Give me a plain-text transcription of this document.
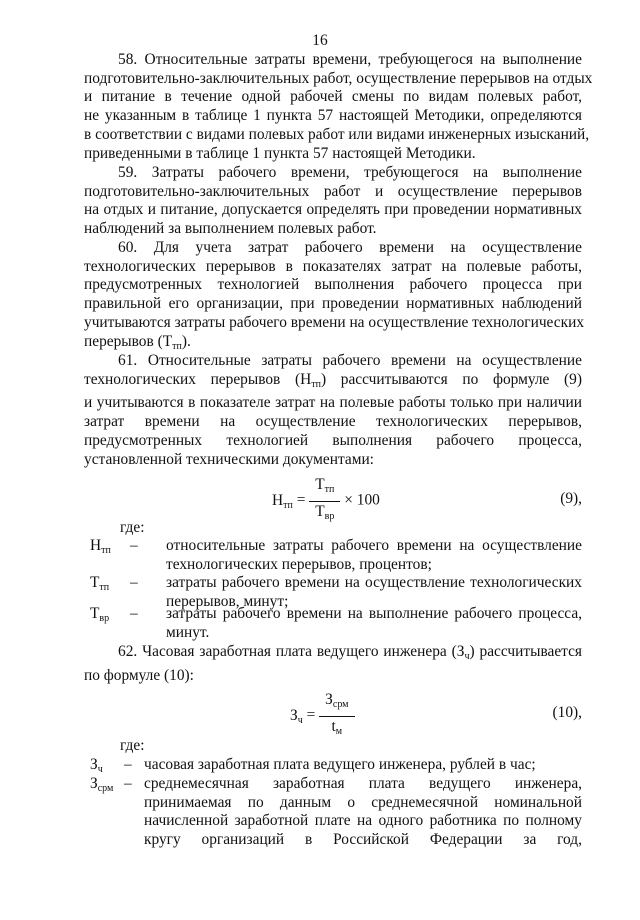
16
58. Относительные затраты времени, требующегося на выполнение
подготовительно-заключительных работ, осуществление перерывов на отдых
и питание в течение одной рабочей смены по видам полевых работ,
не указанным в таблице 1 пункта 57 настоящей Методики, определяются
в соответствии с видами полевых работ или видами инженерных изысканий,
приведенными в таблице 1 пункта 57 настоящей Методики.
59. Затраты рабочего времени, требующегося на выполнение
подготовительно-заключительных работ и осуществление перерывов
на отдых и питание, допускается определять при проведении нормативных
наблюдений за выполнением полевых работ.
60. Для учета затрат рабочего времени на осуществление
технологических перерывов в показателях затрат на полевые работы,
предусмотренных технологией выполнения рабочего процесса при
правильной его организации, при проведении нормативных наблюдений
учитываются затраты рабочего времени на осуществление технологических
перерывов $(Т_{тп})$.
61. Относительные затраты рабочего времени на осуществление
технологических перерывов $(Н_{тп})$ рассчитываются по формуле (9)
и учитываются в показателе затрат на полевые работы только при наличии
затрат времени на осуществление технологических перерывов,
предусмотренных технологией выполнения рабочего процесса,
установленной техническими документами:
$Н_{тп} = \frac{Т_{тп}}{Т_{вр}} \times 100$	(9),
где:
$Н_{тп}$ – относительные затраты рабочего времени на осуществление
технологических перерывов, процентов;
$Т_{тп}$ – затраты рабочего времени на осуществление технологических
перерывов, минут;
$Т_{вр}$ – затраты рабочего времени на выполнение рабочего процесса,
минут.
62. Часовая заработная плата ведущего инженера $(З_ч)$ рассчитывается
по формуле (10):
$З_ч = \frac{З_{срм}}{t_м}$	(10),
где:
$З_ч$ – часовая заработная плата ведущего инженера, рублей в час;
$З_{срм}$ – среднемесячная заработная плата ведущего инженера,
принимаемая по данным о среднемесячной номинальной
начисленной заработной плате на одного работника по полному
кругу организаций в Российской Федерации за год,
